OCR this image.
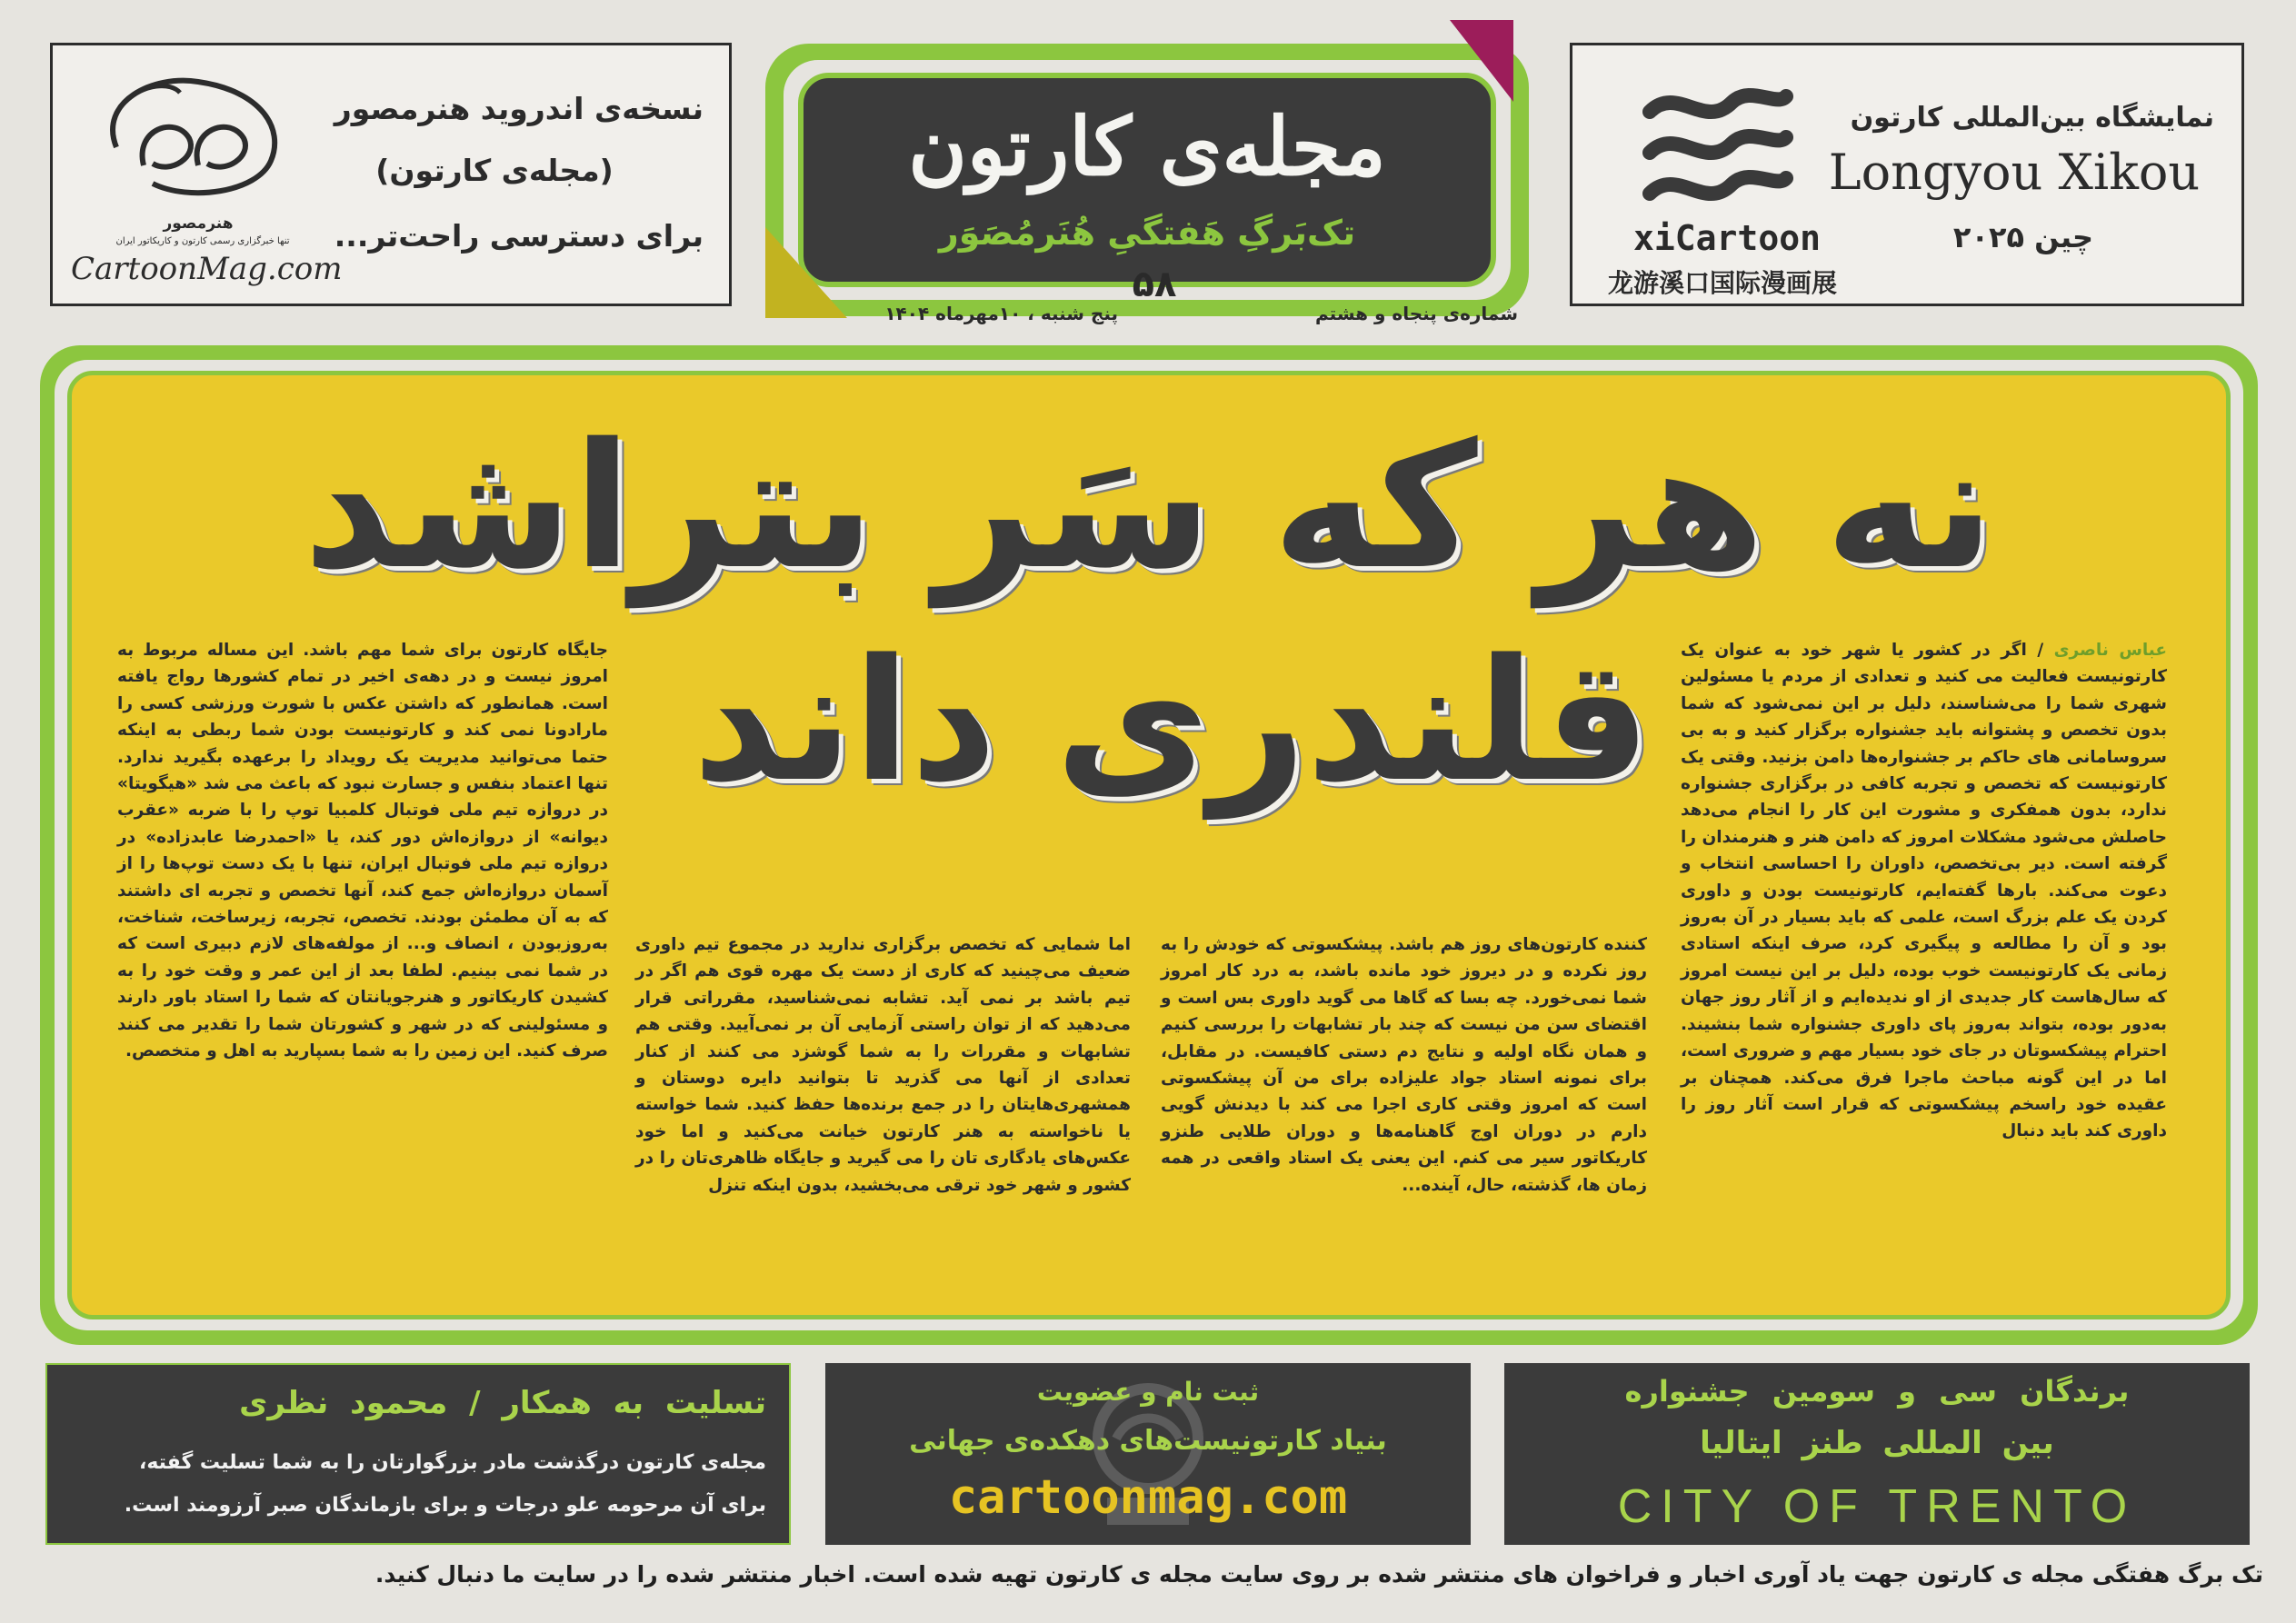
نسخه‌ی اندروید هنرمصور
(مجله‌ی کارتون)
برای دسترسی راحت‌تر...
هنرمصور
تنها خبرگزاری رسمی کارتون و کاریکاتور ایران
CartoonMag.com
نمایشگاه بین‌المللی کارتون
Longyou Xikou
چین ۲۰۲۵
xiCartoon
龙游溪口国际漫画展
مجله‌ی کارتون
تک‌بَرگِ هَفتگیِ هُنَرمُصَوَر
۵۸
شماره‌ی پنجاه و هشتم
پنج شنبه ، ۱۰مهرماه ۱۴۰۴
نه هر که سَر بتراشد
قلندری داند	عباس ناصری / اگر در کشور یا شهر خود به عنوان یک کارتونیست فعالیت می کنید و تعدادی از مردم یا مسئولین شهری شما را می‌شناسند، دلیل بر این نمی‌شود که شما بدون تخصص و پشتوانه باید جشنواره برگزار کنید و به بی سروسامانی های حاکم بر جشنواره‌ها دامن بزنید. وقتی یک کارتونیست که تخصص و تجربه کافی در برگزاری جشنواره ندارد، بدون همفکری و مشورت این کار را انجام می‌دهد حاصلش می‌شود مشکلات امروز که دامن هنر و هنرمندان را گرفته است. دیر بی‌تخصص، داوران را احساسی انتخاب و دعوت می‌کند. بارها گفته‌ایم، کارتونیست بودن و داوری کردن یک علم بزرگ است، علمی که باید بسیار در آن به‌روز بود و آن را مطالعه و پیگیری کرد، صرف اینکه استادی زمانی یک کارتونیست خوب بوده، دلیل بر این نیست امروز که سال‌هاست کار جدیدی از او ندیده‌ایم و از آثار روز جهان به‌دور بوده، بتواند به‌روز پای داوری جشنواره شما بنشیند. احترام پیشکسوتان در جای خود بسیار مهم و ضروری است، اما در این گونه مباحث ماجرا فرق می‌کند. همچنان بر عقیده خود راسخم پیشکسوتی که قرار است آثار روز را داوری کند باید دنبال

کننده کارتون‌های روز هم باشد. پیشکسوتی که خودش را به روز نکرده و در دیروز خود مانده باشد، به درد کار امروز شما نمی‌خورد. چه بسا که گاها می گوید داوری بس است و اقتضای سن من نیست که چند بار تشابهات را بررسی کنیم و همان نگاه اولیه و نتایج دم دستی کافیست. در مقابل، برای نمونه استاد جواد علیزاده برای من آن پیشکسوتی است که امروز وقتی کاری اجرا می کند با دیدنش گویی دارم در دوران اوج گاهنامه‌ها و دوران طلایی طنزو کاریکاتور سیر می کنم. این یعنی یک استاد واقعی در همه زمان ها، گذشته، حال، آینده...

اما شمایی که تخصص برگزاری ندارید در مجموع تیم داوری ضعیف می‌چینید که کاری از دست یک مهره قوی هم اگر در تیم باشد بر نمی آید. تشابه نمی‌شناسید، مقرراتی قرار می‌دهید که از توان راستی آزمایی آن بر نمی‌آیید. وقتی هم تشابهات و مقررات را به شما گوشزد می کنند از کنار تعدادی از آنها می گذرید تا بتوانید دایره دوستان و همشهری‌هایتان را در جمع برنده‌ها حفظ کنید. شما خواسته یا ناخواسته به هنر کارتون خیانت می‌کنید و اما خود عکس‌های یادگاری تان را می گیرید و جایگاه ظاهری‌تان را در کشور و شهر خود ترقی می‌بخشید، بدون اینکه تنزل

جایگاه کارتون برای شما مهم باشد. این مساله مربوط به امروز نیست و در دهه‌ی اخیر در تمام کشورها رواج یافته است. همانطور که داشتن عکس با شورت ورزشی کسی را مارادونا نمی کند و کارتونیست بودن شما ربطی به اینکه حتما می‌توانید مدیریت یک رویداد را برعهده بگیرید ندارد. تنها اعتماد بنفس و جسارت نبود که باعث می شد «هیگویتا» در دروازه تیم ملی فوتبال کلمبیا توپ را با ضربه «عقرب دیوانه» از دروازه‌اش دور کند، یا «احمدرضا عابدزاده» در دروازه تیم ملی فوتبال ایران، تنها با یک دست توپ‌ها را از آسمان دروازه‌اش جمع کند، آنها تخصص و تجربه ای داشتند که به آن مطمئن بودند. تخصص، تجربه، زیرساخت، شناخت، به‌روزبودن ، انصاف و... از مولفه‌های لازم دبیری است که در شما نمی بینیم. لطفا بعد از این عمر و وقت خود را به کشیدن کاریکاتور و هنرجویانتان که شما را استاد باور دارند و مسئولینی که در شهر و کشورتان شما را تقدیر می کنند صرف کنید. این زمین را به شما بسپارید به اهل و متخصص.

تسلیت به همکار / محمود نظری
مجله‌ی کارتون درگذشت مادر بزرگوارتان را به شما تسلیت گفته،
برای آن مرحومه علو درجات و برای بازماندگان صبر آرزومند است.
ثبت نام و عضویت
بنیاد کارتونیست‌های دهکده‌ی جهانی
cartoonmag.com
برندگان سی و سومین جشنواره
بین المللی طنز ایتالیا
CITY OF TRENTO
تک برگ هفتگی مجله ی کارتون جهت یاد آوری اخبار و فراخوان های منتشر شده بر روی سایت مجله ی کارتون تهیه شده است. اخبار منتشر شده را در سایت ما دنبال کنید.
